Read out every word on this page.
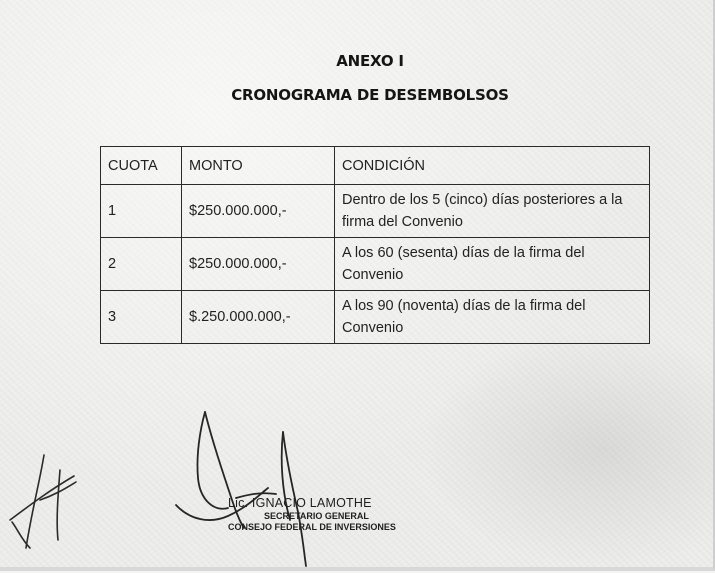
ANEXO I
CRONOGRAMA DE DESEMBOLSOS
CUOTA	MONTO	CONDICIÓN
1	$250.000.000,-	Dentro de los 5 (cinco) días posteriores a la firma del Convenio
2	$250.000.000,-	A los 60 (sesenta) días de la firma del Convenio
3	$.250.000.000,-	A los 90 (noventa) días de la firma del Convenio
Lic. IGNACIO LAMOTHE
SECRETARIO GENERAL
CONSEJO FEDERAL DE INVERSIONES
